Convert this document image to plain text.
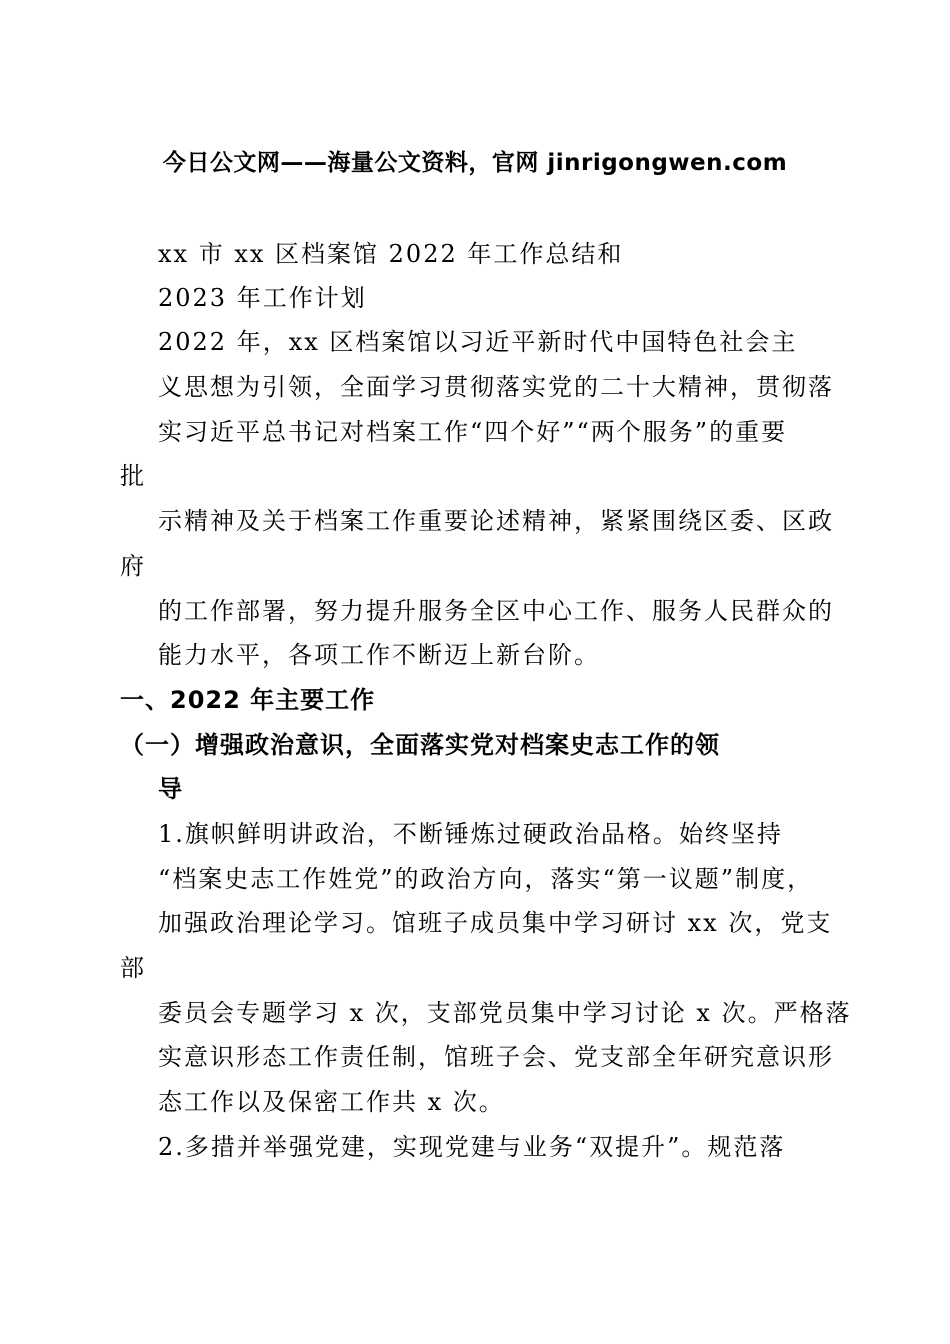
今日公文网——海量公文资料，官网 jinrigongwen.com
xx 市 xx 区档案馆 2022 年工作总结和
2023 年工作计划
2022 年，xx 区档案馆以习近平新时代中国特色社会主
义思想为引领，全面学习贯彻落实党的二十大精神，贯彻落
实习近平总书记对档案工作“四个好”“两个服务”的重要
批
示精神及关于档案工作重要论述精神，紧紧围绕区委、区政
府
的工作部署，努力提升服务全区中心工作、服务人民群众的
能力水平，各项工作不断迈上新台阶。
一、2022 年主要工作
（一）增强政治意识，全面落实党对档案史志工作的领
导
1.旗帜鲜明讲政治，不断锤炼过硬政治品格。始终坚持
“档案史志工作姓党”的政治方向，落实“第一议题”制度，
加强政治理论学习。馆班子成员集中学习研讨 xx 次，党支
部
委员会专题学习 x 次，支部党员集中学习讨论 x 次。严格落
实意识形态工作责任制，馆班子会、党支部全年研究意识形
态工作以及保密工作共 x 次。
2.多措并举强党建，实现党建与业务“双提升”。规范落
